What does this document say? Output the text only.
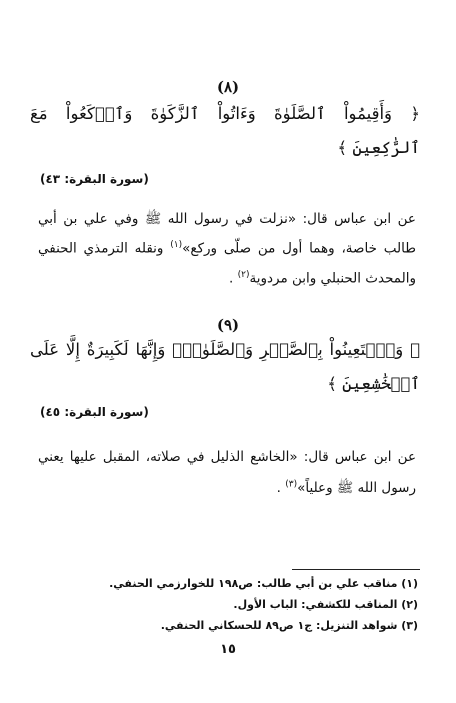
(٨)
﴿ وَأَقِيمُواْ ٱلصَّلَوٰةَ وَءَاتُواْ ٱلزَّكَوٰةَ وَٱرۡكَعُواْ مَعَ
ٱلرَّٰكِعِينَ ﴾
(سورة البقرة: ٤٣)
عن ابن عباس قال: «نزلت في رسول الله ﷺ وفي علي بن أبي
طالب خاصة، وهما أول من صلّى وركع»$^{(١)}$ ونقله الترمذي الحنفي
والمحدث الحنبلي وابن مردوية$^{(٢)}$ .
(٩)
﴿ وَٱسۡتَعِينُواْ بِٱلصَّبۡرِ وَٱلصَّلَوٰةِۚ وَإِنَّهَا لَكَبِيرَةٌ إِلَّا عَلَى
ٱلۡخَٰشِعِينَ ﴾
(سورة البقرة: ٤٥)
عن ابن عباس قال: «الخاشع الذليل في صلاته، المقبل عليها يعني
رسول الله ﷺ وعلياً»$^{(٣)}$ .
(١) مناقب علي بن أبي طالب: ص١٩٨ للخوارزمي الحنفي.
(٢) المناقب للكشفي: الباب الأول.
(٣) شواهد التنزيل: ج١ ص٨٩ للحسكاني الحنفي.
١٥
